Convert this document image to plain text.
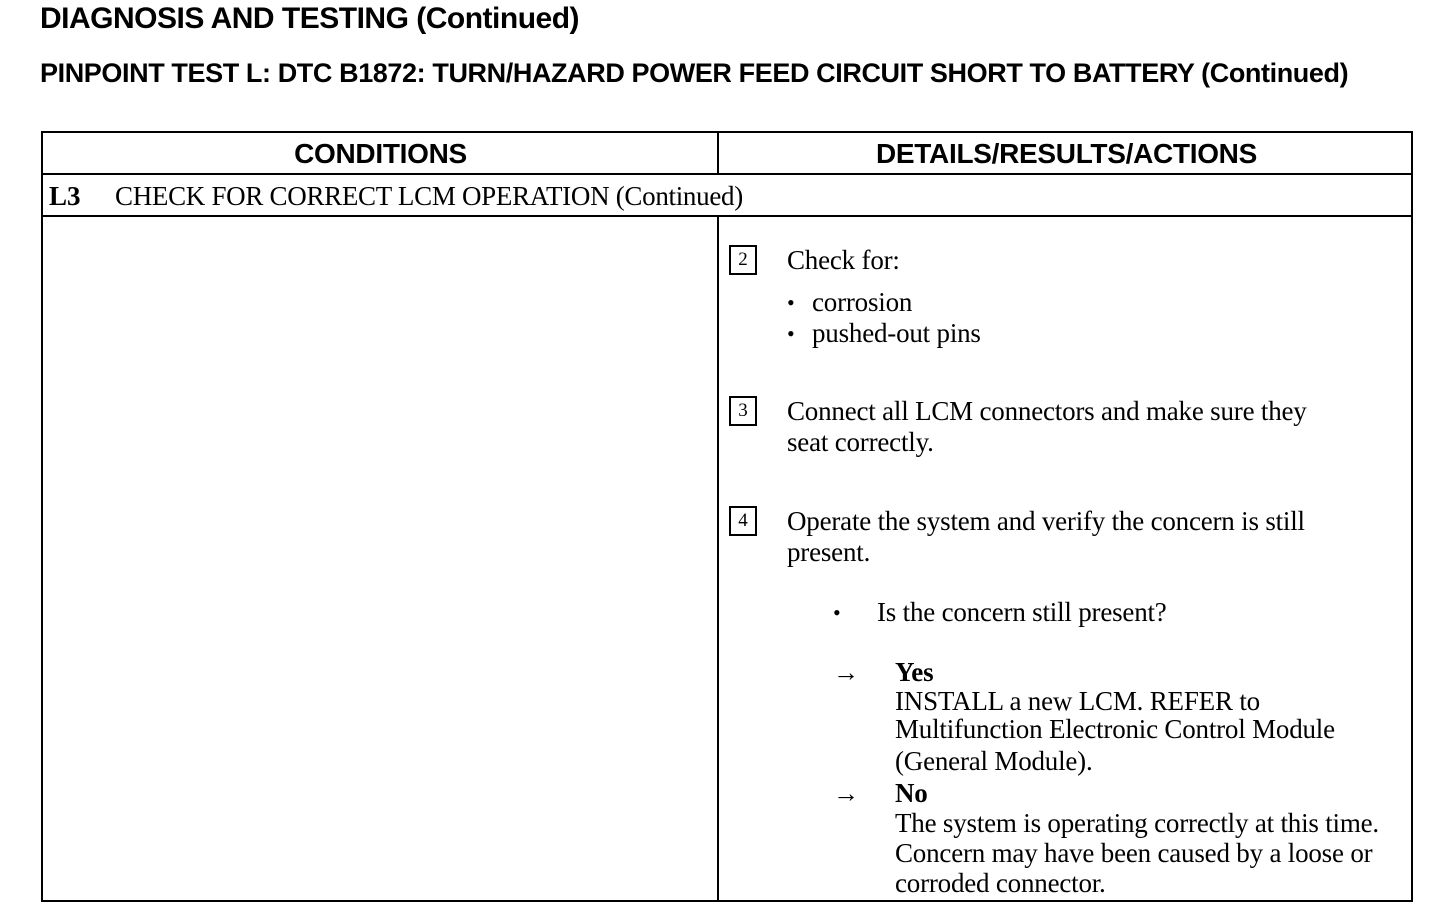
DIAGNOSIS AND TESTING (Continued)
PINPOINT TEST L: DTC B1872: TURN/HAZARD POWER FEED CIRCUIT SHORT TO BATTERY (Continued)
CONDITIONS	DETAILS/RESULTS/ACTIONS
L3 CHECK FOR CORRECT LCM OPERATION (Continued)
2	Check for:
• corrosion
• pushed-out pins
3	Connect all LCM connectors and make sure they
seat correctly.
4	Operate the system and verify the concern is still
present.
• Is the concern still present?
→ Yes
INSTALL a new LCM. REFER to
Multifunction Electronic Control Module
(General Module).
→ No
The system is operating correctly at this time.
Concern may have been caused by a loose or
corroded connector.
